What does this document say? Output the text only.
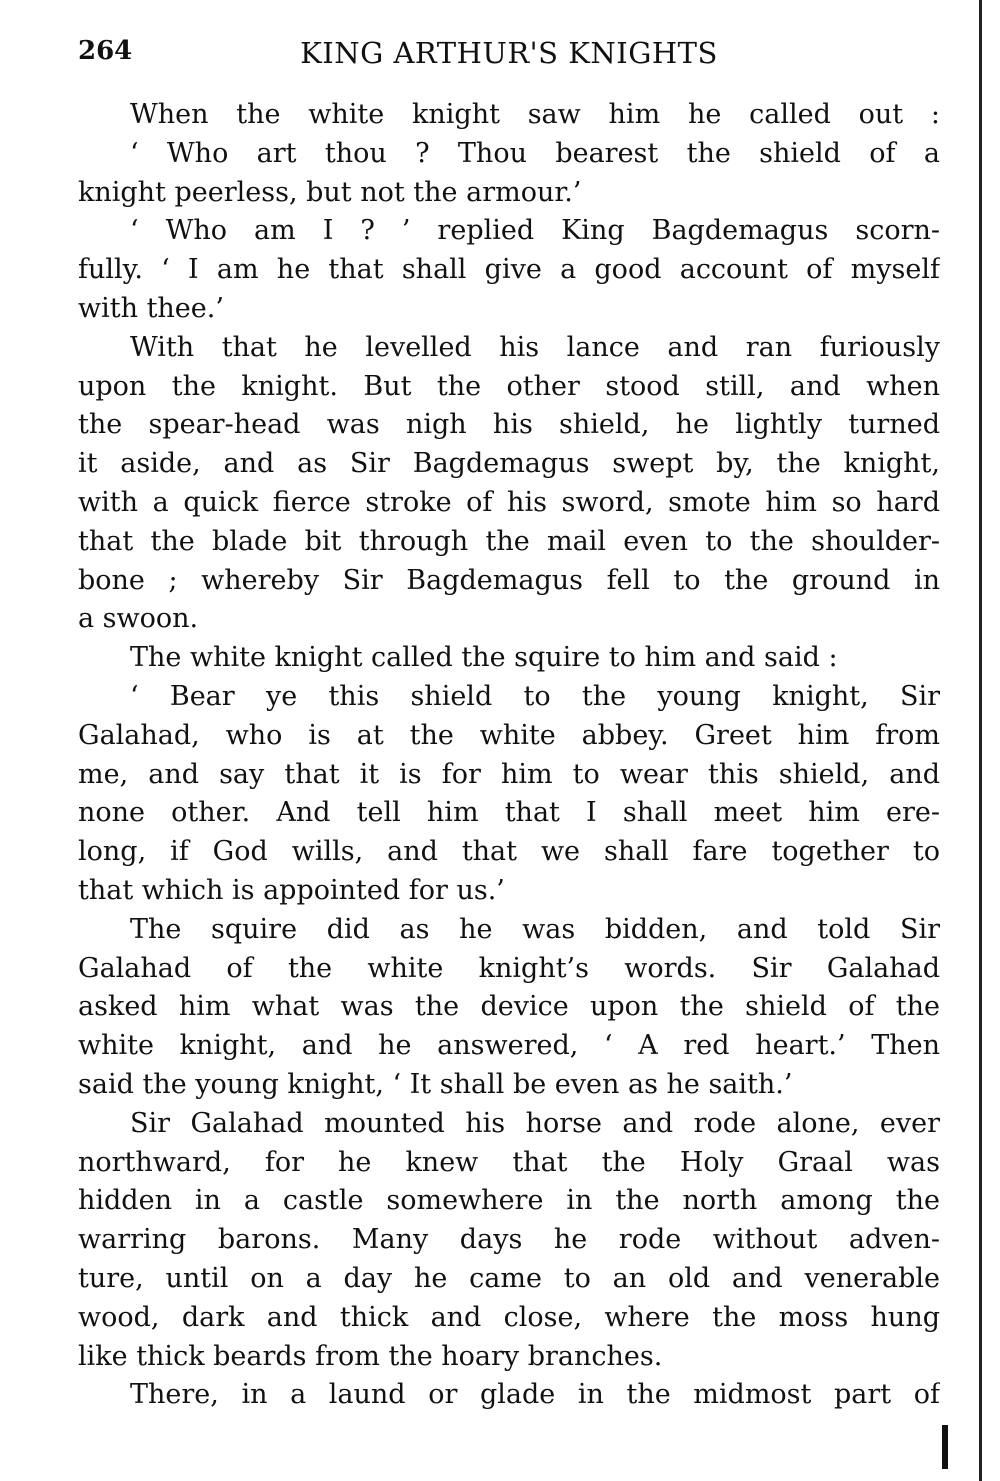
264	KING ARTHUR'S KNIGHTS
When the white knight saw him he called out :
‘ Who art thou ? Thou bearest the shield of a
knight peerless, but not the armour.’
‘ Who am I ? ’ replied King Bagdemagus scorn-
fully. ‘ I am he that shall give a good account of myself
with thee.’
With that he levelled his lance and ran furiously
upon the knight. But the other stood still, and when
the spear-head was nigh his shield, he lightly turned
it aside, and as Sir Bagdemagus swept by, the knight,
with a quick fierce stroke of his sword, smote him so hard
that the blade bit through the mail even to the shoulder-
bone ; whereby Sir Bagdemagus fell to the ground in
a swoon.
The white knight called the squire to him and said :
‘ Bear ye this shield to the young knight, Sir
Galahad, who is at the white abbey. Greet him from
me, and say that it is for him to wear this shield, and
none other. And tell him that I shall meet him ere-
long, if God wills, and that we shall fare together to
that which is appointed for us.’
The squire did as he was bidden, and told Sir
Galahad of the white knight’s words. Sir Galahad
asked him what was the device upon the shield of the
white knight, and he answered, ‘ A red heart.’ Then
said the young knight, ‘ It shall be even as he saith.’
Sir Galahad mounted his horse and rode alone, ever
northward, for he knew that the Holy Graal was
hidden in a castle somewhere in the north among the
warring barons. Many days he rode without adven-
ture, until on a day he came to an old and venerable
wood, dark and thick and close, where the moss hung
like thick beards from the hoary branches.
There, in a laund or glade in the midmost part of
